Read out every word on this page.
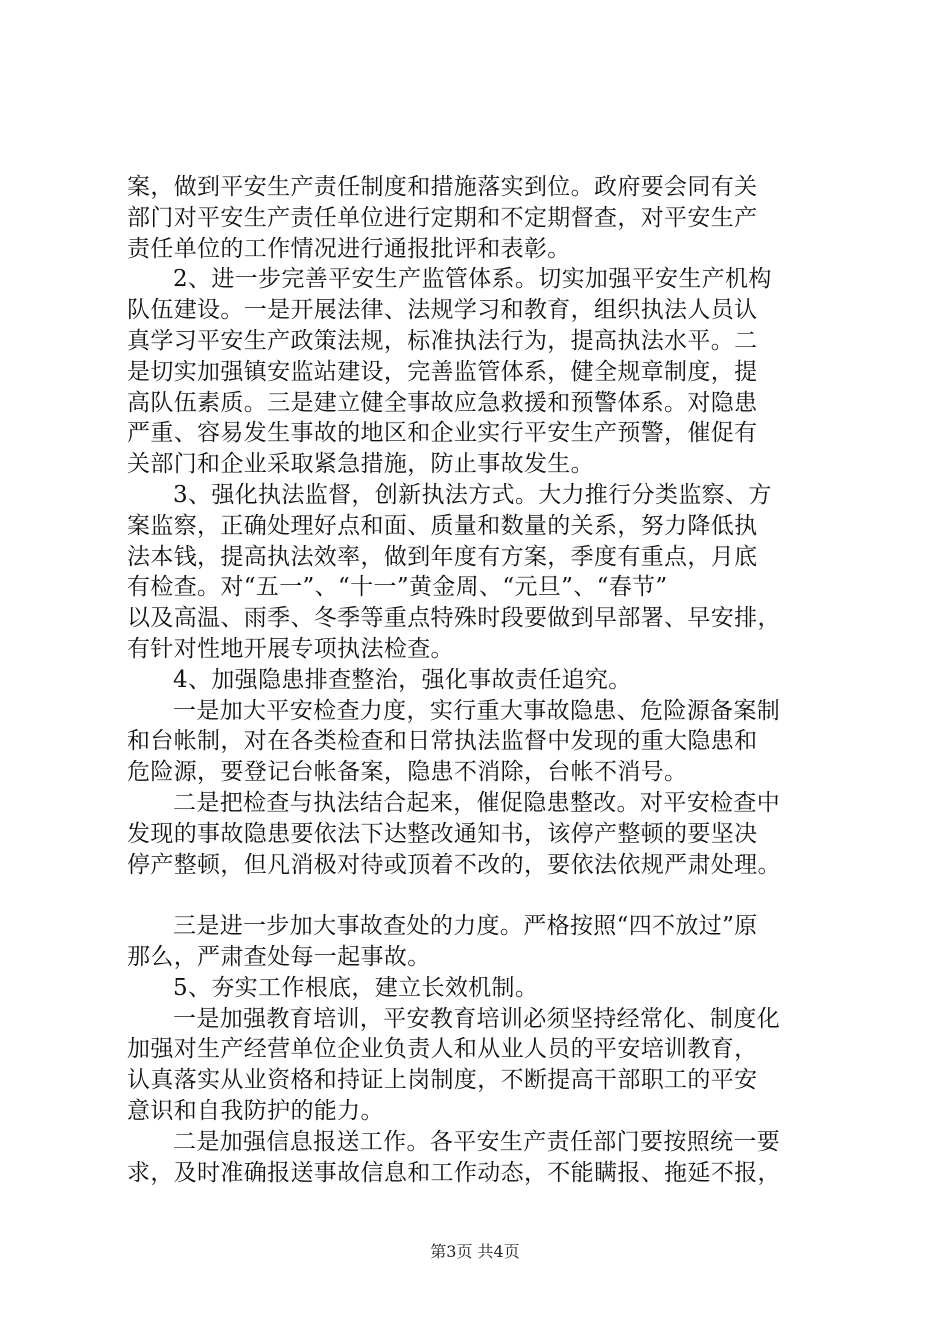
案，做到平安生产责任制度和措施落实到位。政府要会同有关
部门对平安生产责任单位进行定期和不定期督查，对平安生产
责任单位的工作情况进行通报批评和表彰。
2、进一步完善平安生产监管体系。切实加强平安生产机构
队伍建设。一是开展法律、法规学习和教育，组织执法人员认
真学习平安生产政策法规，标准执法行为，提高执法水平。二
是切实加强镇安监站建设，完善监管体系，健全规章制度，提
高队伍素质。三是建立健全事故应急救援和预警体系。对隐患
严重、容易发生事故的地区和企业实行平安生产预警，催促有
关部门和企业采取紧急措施，防止事故发生。
3、强化执法监督，创新执法方式。大力推行分类监察、方
案监察，正确处理好点和面、质量和数量的关系，努力降低执
法本钱，提高执法效率，做到年度有方案，季度有重点，月底
有检查。对“五一”、“十一”黄金周、“元旦”、“春节”
以及高温、雨季、冬季等重点特殊时段要做到早部署、早安排，
有针对性地开展专项执法检查。
4、加强隐患排查整治，强化事故责任追究。
一是加大平安检查力度，实行重大事故隐患、危险源备案制
和台帐制，对在各类检查和日常执法监督中发现的重大隐患和
危险源，要登记台帐备案，隐患不消除，台帐不消号。
二是把检查与执法结合起来，催促隐患整改。对平安检查中
发现的事故隐患要依法下达整改通知书，该停产整顿的要坚决
停产整顿，但凡消极对待或顶着不改的，要依法依规严肃处理。
三是进一步加大事故查处的力度。严格按照“四不放过”原
那么，严肃查处每一起事故。
5、夯实工作根底，建立长效机制。
一是加强教育培训，平安教育培训必须坚持经常化、制度化
加强对生产经营单位企业负责人和从业人员的平安培训教育，
认真落实从业资格和持证上岗制度，不断提高干部职工的平安
意识和自我防护的能力。
二是加强信息报送工作。各平安生产责任部门要按照统一要
求，及时准确报送事故信息和工作动态，不能瞒报、拖延不报，
第3页 共4页
